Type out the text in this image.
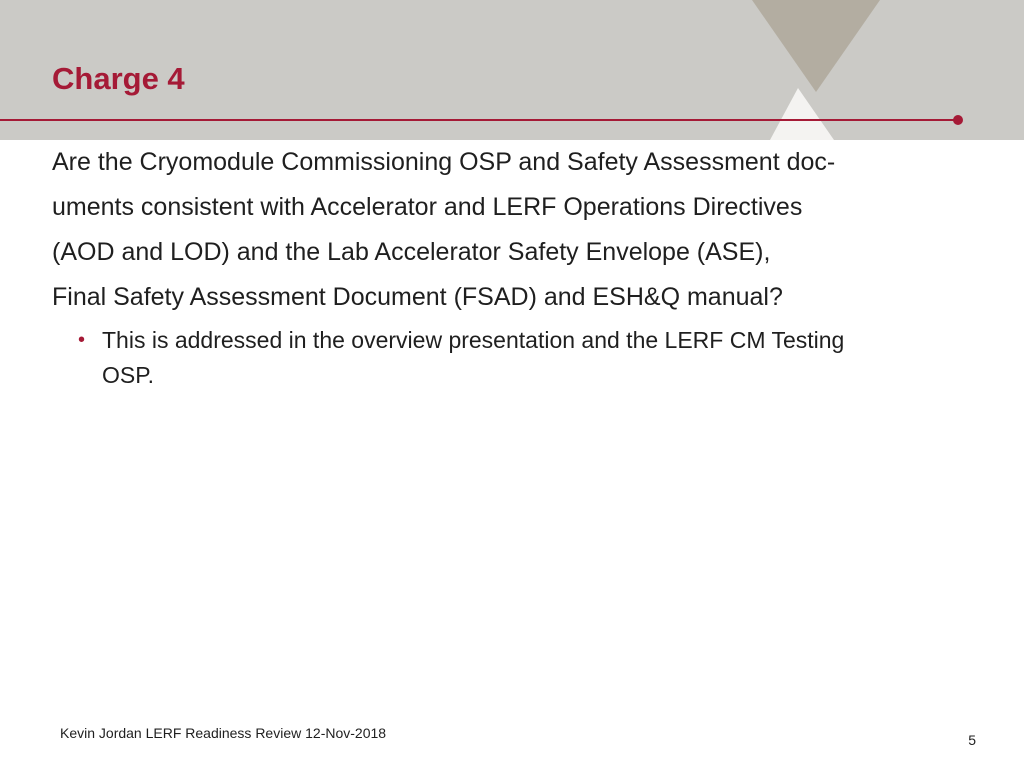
Charge 4
Are the Cryomodule Commissioning OSP and Safety Assessment doc-
uments consistent with Accelerator and LERF Operations Directives
(AOD and LOD) and the Lab Accelerator Safety Envelope (ASE),
Final Safety Assessment Document (FSAD) and ESH&Q manual?
• This is addressed in the overview presentation and the LERF CM Testing
OSP.
Kevin Jordan LERF Readiness Review 12-Nov-2018	5
